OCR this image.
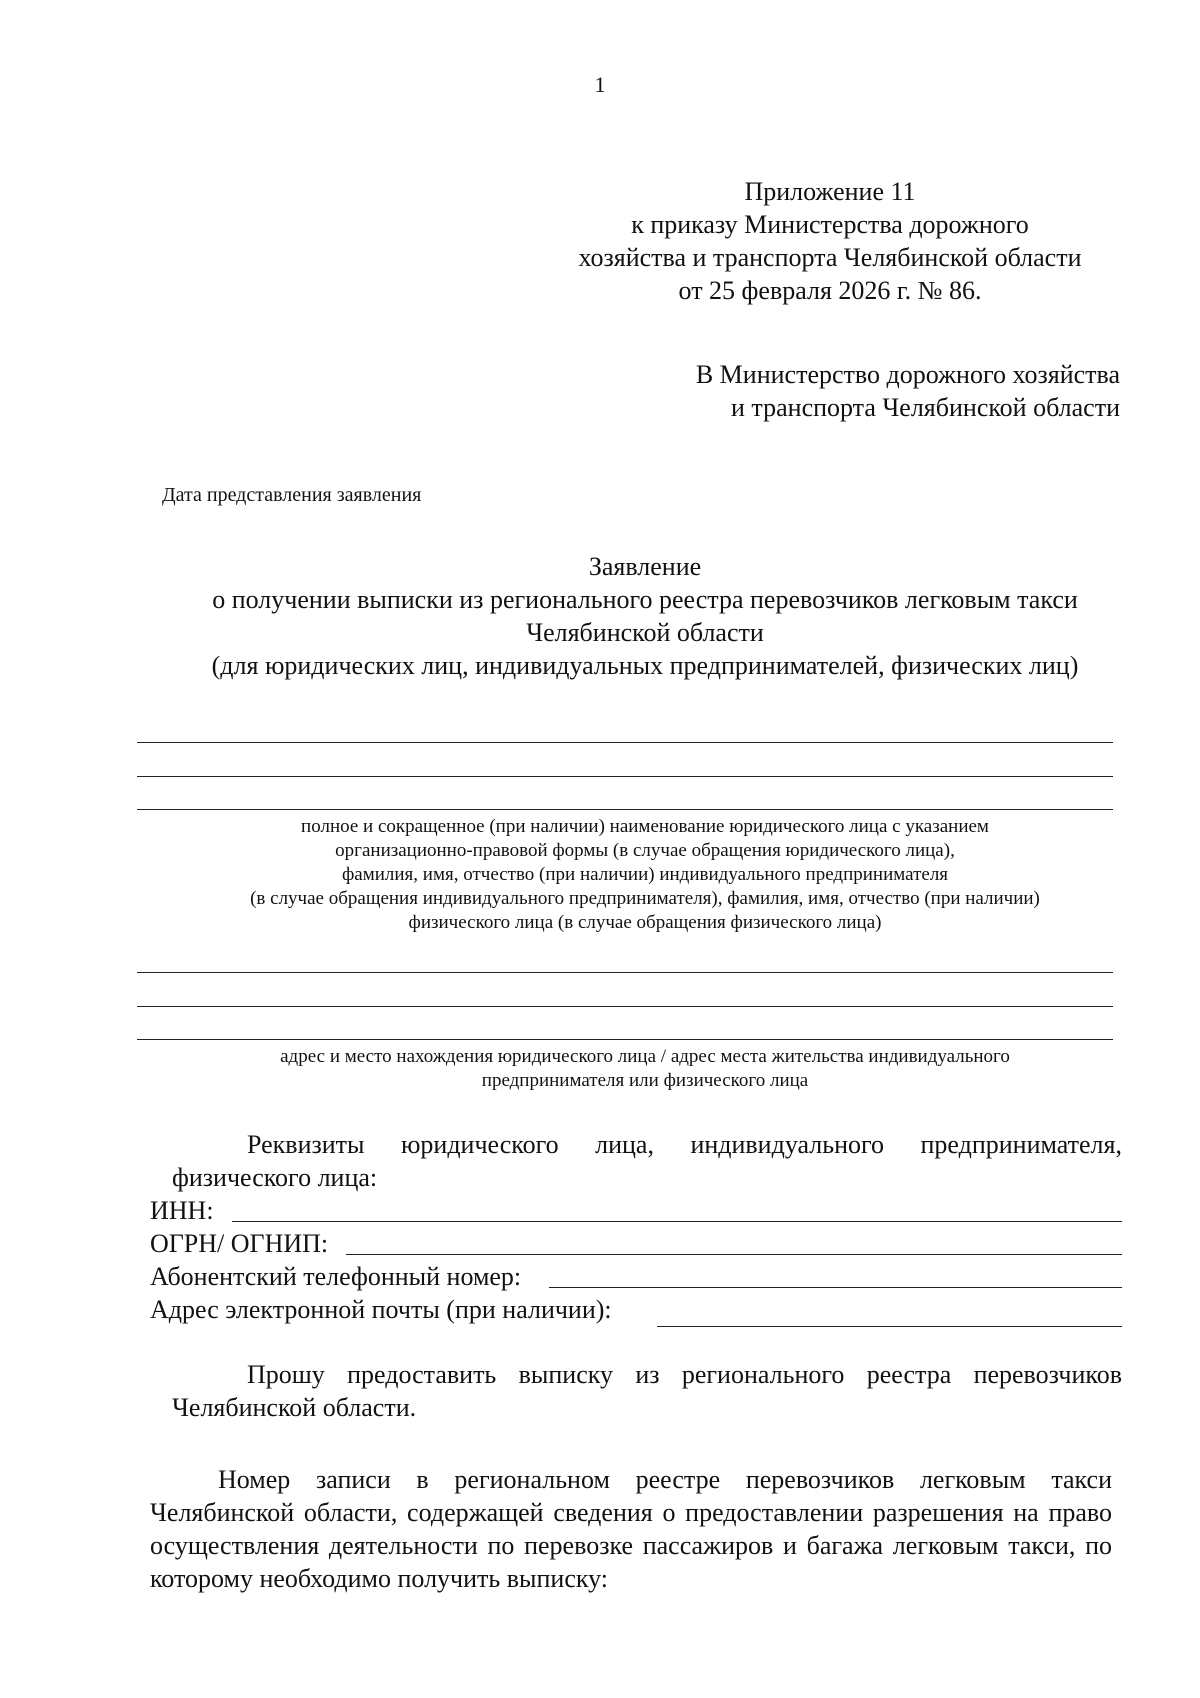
1
Приложение 11
к приказу Министерства дорожного
хозяйства и транспорта Челябинской области
от 25 февраля 2026 г. № 86.
В Министерство дорожного хозяйства
и транспорта Челябинской области
Дата представления заявления
Заявление
о получении выписки из регионального реестра перевозчиков легковым такси
Челябинской области
(для юридических лиц, индивидуальных предпринимателей, физических лиц)
полное и сокращенное (при наличии) наименование юридического лица с указанием
организационно-правовой формы (в случае обращения юридического лица),
фамилия, имя, отчество (при наличии) индивидуального предпринимателя
(в случае обращения индивидуального предпринимателя), фамилия, имя, отчество (при наличии)
физического лица (в случае обращения физического лица)
адрес и место нахождения юридического лица / адрес места жительства индивидуального
предпринимателя или физического лица
Реквизиты юридического лица, индивидуального предпринимателя, физического лица:
ИНН:
ОГРН/ ОГНИП:
Абонентский телефонный номер:
Адрес электронной почты (при наличии):
Прошу предоставить выписку из регионального реестра перевозчиков Челябинской области.
Номер записи в региональном реестре перевозчиков легковым такси Челябинской области, содержащей сведения о предоставлении разрешения на право осуществления деятельности по перевозке пассажиров и багажа легковым такси, по которому необходимо получить выписку:
